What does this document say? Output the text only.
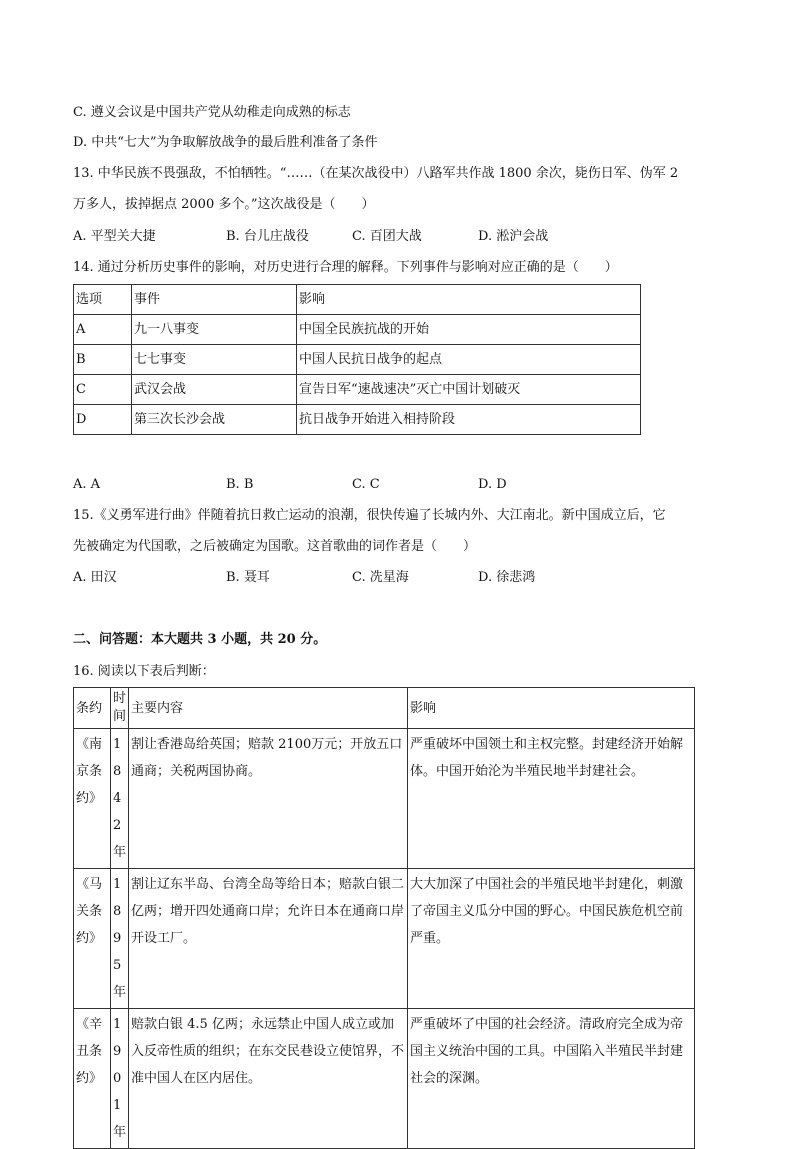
C. 遵义会议是中国共产党从幼稚走向成熟的标志
D. 中共“七大”为争取解放战争的最后胜利准备了条件
13. 中华民族不畏强敌，不怕牺牲。“……（在某次战役中）八路军共作战 1800 余次，毙伤日军、伪军 2
万多人，拔掉据点 2000 多个。”这次战役是（　　）
A. 平型关大捷	B. 台儿庄战役	C. 百团大战	D. 淞沪会战
14. 通过分析历史事件的影响，对历史进行合理的解释。下列事件与影响对应正确的是（　　）
选项	事件	影响
A	九一八事变	中国全民族抗战的开始
B	七七事变	中国人民抗日战争的起点
C	武汉会战	宣告日军“速战速决”灭亡中国计划破灭
D	第三次长沙会战	抗日战争开始进入相持阶段
A. A	B. B	C. C	D. D
15.《义勇军进行曲》伴随着抗日救亡运动的浪潮，很快传遍了长城内外、大江南北。新中国成立后，它
先被确定为代国歌，之后被确定为国歌。这首歌曲的词作者是（　　）
A. 田汉	B. 聂耳	C. 冼星海	D. 徐悲鸿
二、问答题：本大题共 3 小题，共 20 分。
16. 阅读以下表后判断：
条约	时间	主要内容	影响
《南京条约》	1842年	割让香港岛给英国；赔款 2100万元；开放五口通商；关税两国协商。	严重破坏中国领土和主权完整。封建经济开始解体。中国开始沦为半殖民地半封建社会。
《马关条约》	1895年	割让辽东半岛、台湾全岛等给日本；赔款白银二亿两；增开四处通商口岸；允许日本在通商口岸开设工厂。	大大加深了中国社会的半殖民地半封建化，刺激了帝国主义瓜分中国的野心。中国民族危机空前严重。
《辛丑条约》	1901年	赔款白银 4.5 亿两；永远禁止中国人成立或加入反帝性质的组织；在东交民巷设立使馆界，不准中国人在区内居住。	严重破坏了中国的社会经济。清政府完全成为帝国主义统治中国的工具。中国陷入半殖民半封建社会的深渊。
